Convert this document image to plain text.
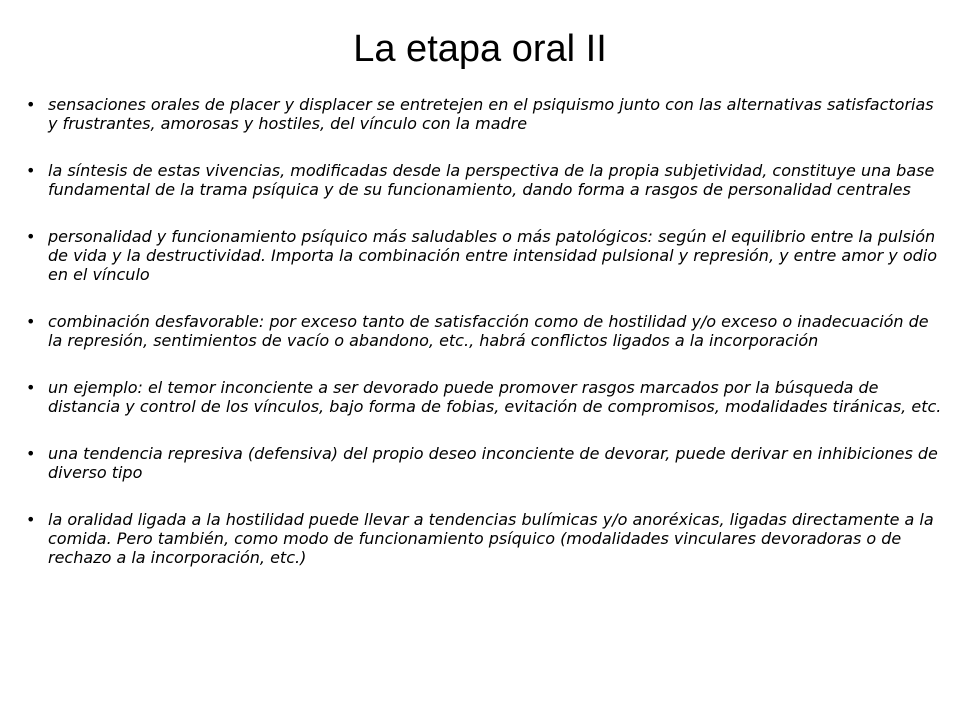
La etapa oral II
• sensaciones orales de placer y displacer se entretejen en el psiquismo junto con las alternativas satisfactorias y frustrantes, amorosas y hostiles, del vínculo con la madre
• la síntesis de estas vivencias, modificadas desde la perspectiva de la propia subjetividad, constituye una base fundamental de la trama psíquica y de su funcionamiento, dando forma a rasgos de personalidad centrales
• personalidad y funcionamiento psíquico más saludables o más patológicos: según el equilibrio entre la pulsión de vida y la destructividad. Importa la combinación entre intensidad pulsional y represión, y entre amor y odio en el vínculo
• combinación desfavorable: por exceso tanto de satisfacción como de hostilidad y/o exceso o inadecuación de la represión, sentimientos de vacío o abandono, etc., habrá conflictos ligados a la incorporación
• un ejemplo: el temor inconciente a ser devorado puede promover rasgos marcados por la búsqueda de distancia y control de los vínculos, bajo forma de fobias, evitación de compromisos, modalidades tiránicas, etc.
• una tendencia represiva (defensiva) del propio deseo inconciente de devorar, puede derivar en inhibiciones de diverso tipo
• la oralidad ligada a la hostilidad puede llevar a tendencias bulímicas y/o anoréxicas, ligadas directamente a la comida. Pero también, como modo de funcionamiento psíquico (modalidades vinculares devoradoras o de rechazo a la incorporación, etc.)
